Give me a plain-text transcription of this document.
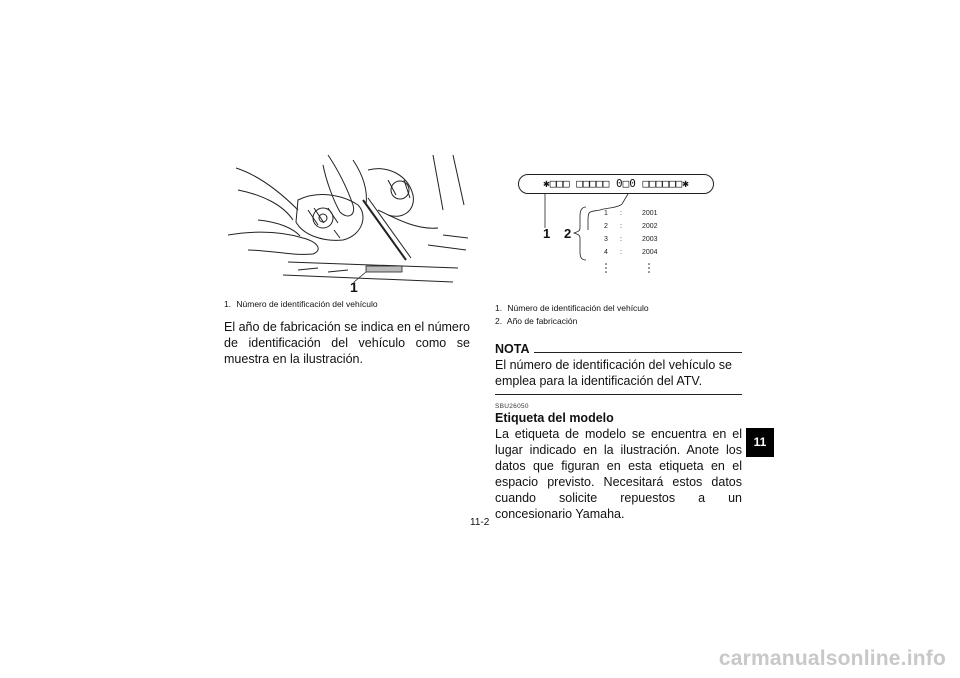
1
1. Número de identificación del vehículo
El año de fabricación se indica en el número de identificación del vehículo como se muestra en la ilustración.
✱□□□ □□□□□ 0□0 □□□□□□✱
1 2
1	:	2001
2	:	2002
3	:	2003
4	:	2004
1. Número de identificación del vehículo
2. Año de fabricación
NOTA
El número de identificación del vehículo se emplea para la identificación del ATV.
SBU26050
Etiqueta del modelo
La etiqueta de modelo se encuentra en el lugar indicado en la ilustración. Anote los datos que figuran en esta etiqueta en el espacio previsto. Necesitará estos datos cuando solicite repuestos a un concesionario Yamaha.
11
11-2
carmanualsonline.info
